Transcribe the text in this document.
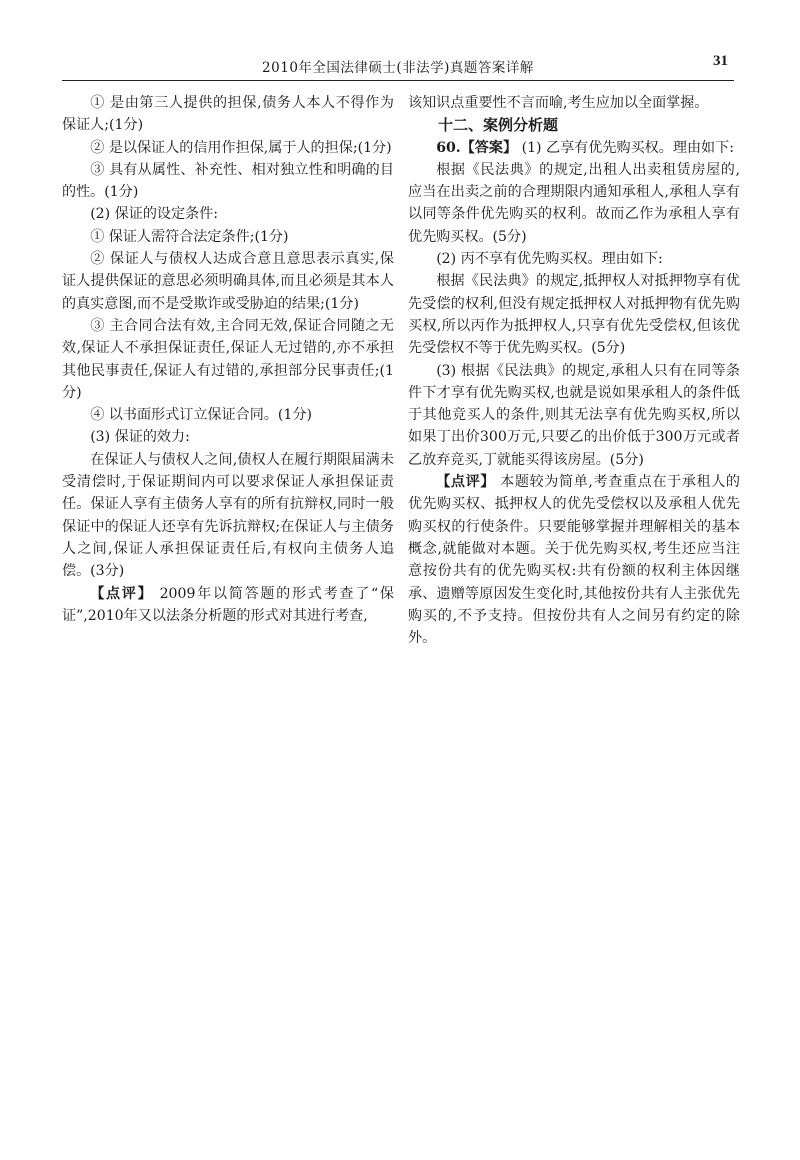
2010年全国法律硕士(非法学)真题答案详解	31

① 是由第三人提供的担保,债务人本人不得作为保证人;(1分)

② 是以保证人的信用作担保,属于人的担保;(1分)

③ 具有从属性、补充性、相对独立性和明确的目的性。(1分)

(2) 保证的设定条件:

① 保证人需符合法定条件;(1分)

② 保证人与债权人达成合意且意思表示真实,保证人提供保证的意思必须明确具体,而且必须是其本人的真实意图,而不是受欺诈或受胁迫的结果;(1分)

③ 主合同合法有效,主合同无效,保证合同随之无效,保证人不承担保证责任,保证人无过错的,亦不承担其他民事责任,保证人有过错的,承担部分民事责任;(1分)

④ 以书面形式订立保证合同。(1分)

(3) 保证的效力:

在保证人与债权人之间,债权人在履行期限届满未受清偿时,于保证期间内可以要求保证人承担保证责任。保证人享有主债务人享有的所有抗辩权,同时一般保证中的保证人还享有先诉抗辩权;在保证人与主债务人之间,保证人承担保证责任后,有权向主债务人追偿。(3分)

【点评】 2009年以简答题的形式考查了“保证”,2010年又以法条分析题的形式对其进行考查,

该知识点重要性不言而喻,考生应加以全面掌握。

十二、案例分析题

60.【答案】 (1) 乙享有优先购买权。理由如下:

根据《民法典》的规定,出租人出卖租赁房屋的,应当在出卖之前的合理期限内通知承租人,承租人享有以同等条件优先购买的权利。故而乙作为承租人享有优先购买权。(5分)

(2) 丙不享有优先购买权。理由如下:

根据《民法典》的规定,抵押权人对抵押物享有优先受偿的权利,但没有规定抵押权人对抵押物有优先购买权,所以丙作为抵押权人,只享有优先受偿权,但该优先受偿权不等于优先购买权。(5分)

(3) 根据《民法典》的规定,承租人只有在同等条件下才享有优先购买权,也就是说如果承租人的条件低于其他竞买人的条件,则其无法享有优先购买权,所以如果丁出价300万元,只要乙的出价低于300万元或者乙放弃竞买,丁就能买得该房屋。(5分)

【点评】 本题较为简单,考查重点在于承租人的优先购买权、抵押权人的优先受偿权以及承租人优先购买权的行使条件。只要能够掌握并理解相关的基本概念,就能做对本题。关于优先购买权,考生还应当注意按份共有的优先购买权:共有份额的权利主体因继承、遗赠等原因发生变化时,其他按份共有人主张优先购买的,不予支持。但按份共有人之间另有约定的除外。
